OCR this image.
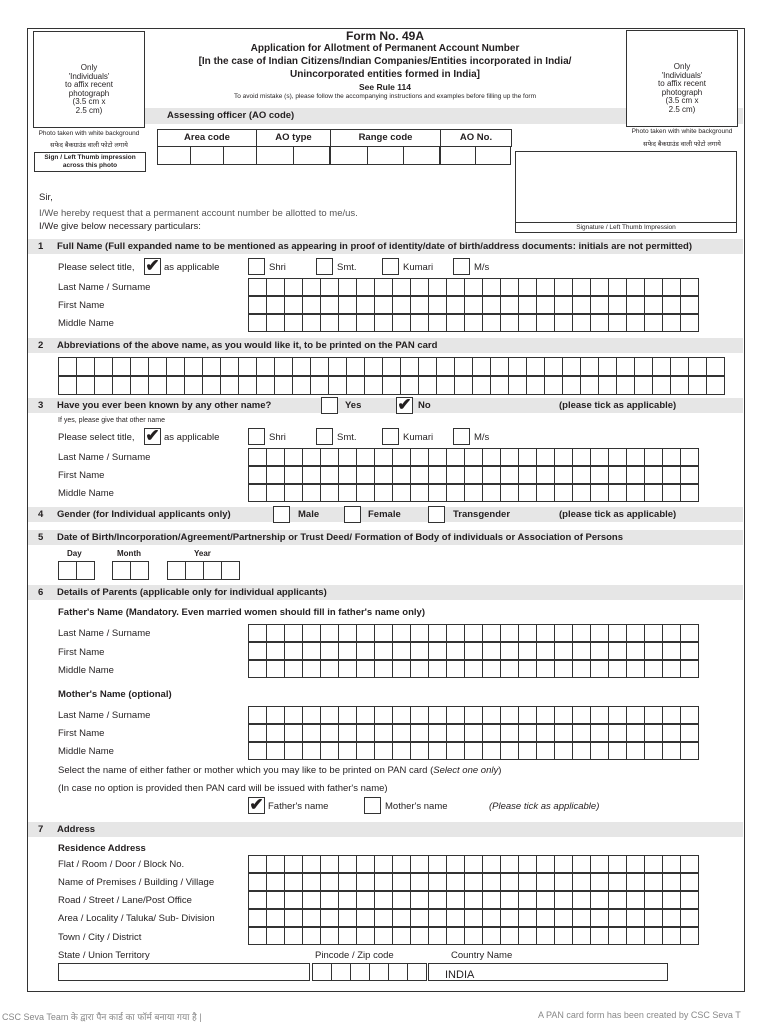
Only
'Individuals'
to affix recent
photograph
(3.5 cm x
2.5 cm)
Photo taken with white background
सफेद बैकग्राउंड वाली फोटो लगाये
Sign / Left Thumb impression across this photo
Form No. 49A
Application for Allotment of Permanent Account Number
[In the case of Indian Citizens/Indian Companies/Entities incorporated in India/
Unincorporated entities formed in India]
See Rule 114
To avoid mistake (s), please follow the accompanying instructions and examples before filling up the form
Assessing officer (AO code)
Area code	AO type	Range code	AO No.
Only
'Individuals'
to affix recent
photograph
(3.5 cm x
2.5 cm)
Photo taken with white background
सफेद बैकग्राउंड वाली फोटो लगाये
Signature / Left Thumb Impression
Sir,
I/We hereby request that a permanent account number be allotted to me/us.
I/We give below necessary particulars:
1 Full Name (Full expanded name to be mentioned as appearing in proof of identity/date of birth/address documents: initials are not permitted)
Please select title, ✔ as applicable	Shri	Smt.	Kumari	M/s
Last Name / Surname
First Name
Middle Name
2 Abbreviations of the above name, as you would like it, to be printed on the PAN card
3 Have you ever been known by any other name?	(please tick as applicable)
Yes ✔ No
If yes, please give that other name
Please select title, ✔ as applicable	Shri	Smt.	Kumari	M/s
Last Name / Surname
First Name
Middle Name
4 Gender (for Individual applicants only)	Male	Female	Transgender	(please tick as applicable)
5 Date of Birth/Incorporation/Agreement/Partnership or Trust Deed/ Formation of Body of individuals or Association of Persons
Day	Month	Year
6 Details of Parents (applicable only for individual applicants)
Father's Name (Mandatory. Even married women should fill in father's name only)
Last Name / Surname
First Name
Middle Name
Mother's Name (optional)
Last Name / Surname
First Name
Middle Name
Select the name of either father or mother which you may like to be printed on PAN card (Select one only)
(In case no option is provided then PAN card will be issued with father's name)
✔ Father's name	Mother's name	(Please tick as applicable)
7 Address
Residence Address
Flat / Room / Door / Block No.
Name of Premises / Building / Village
Road / Street / Lane/Post Office
Area / Locality / Taluka/ Sub- Division
Town / City / District
State / Union Territory	Pincode / Zip code	Country Name
INDIA
CSC Seva Team के द्वारा पैन कार्ड का फॉर्म बनाया गया है |	A PAN card form has been created by CSC Seva T
